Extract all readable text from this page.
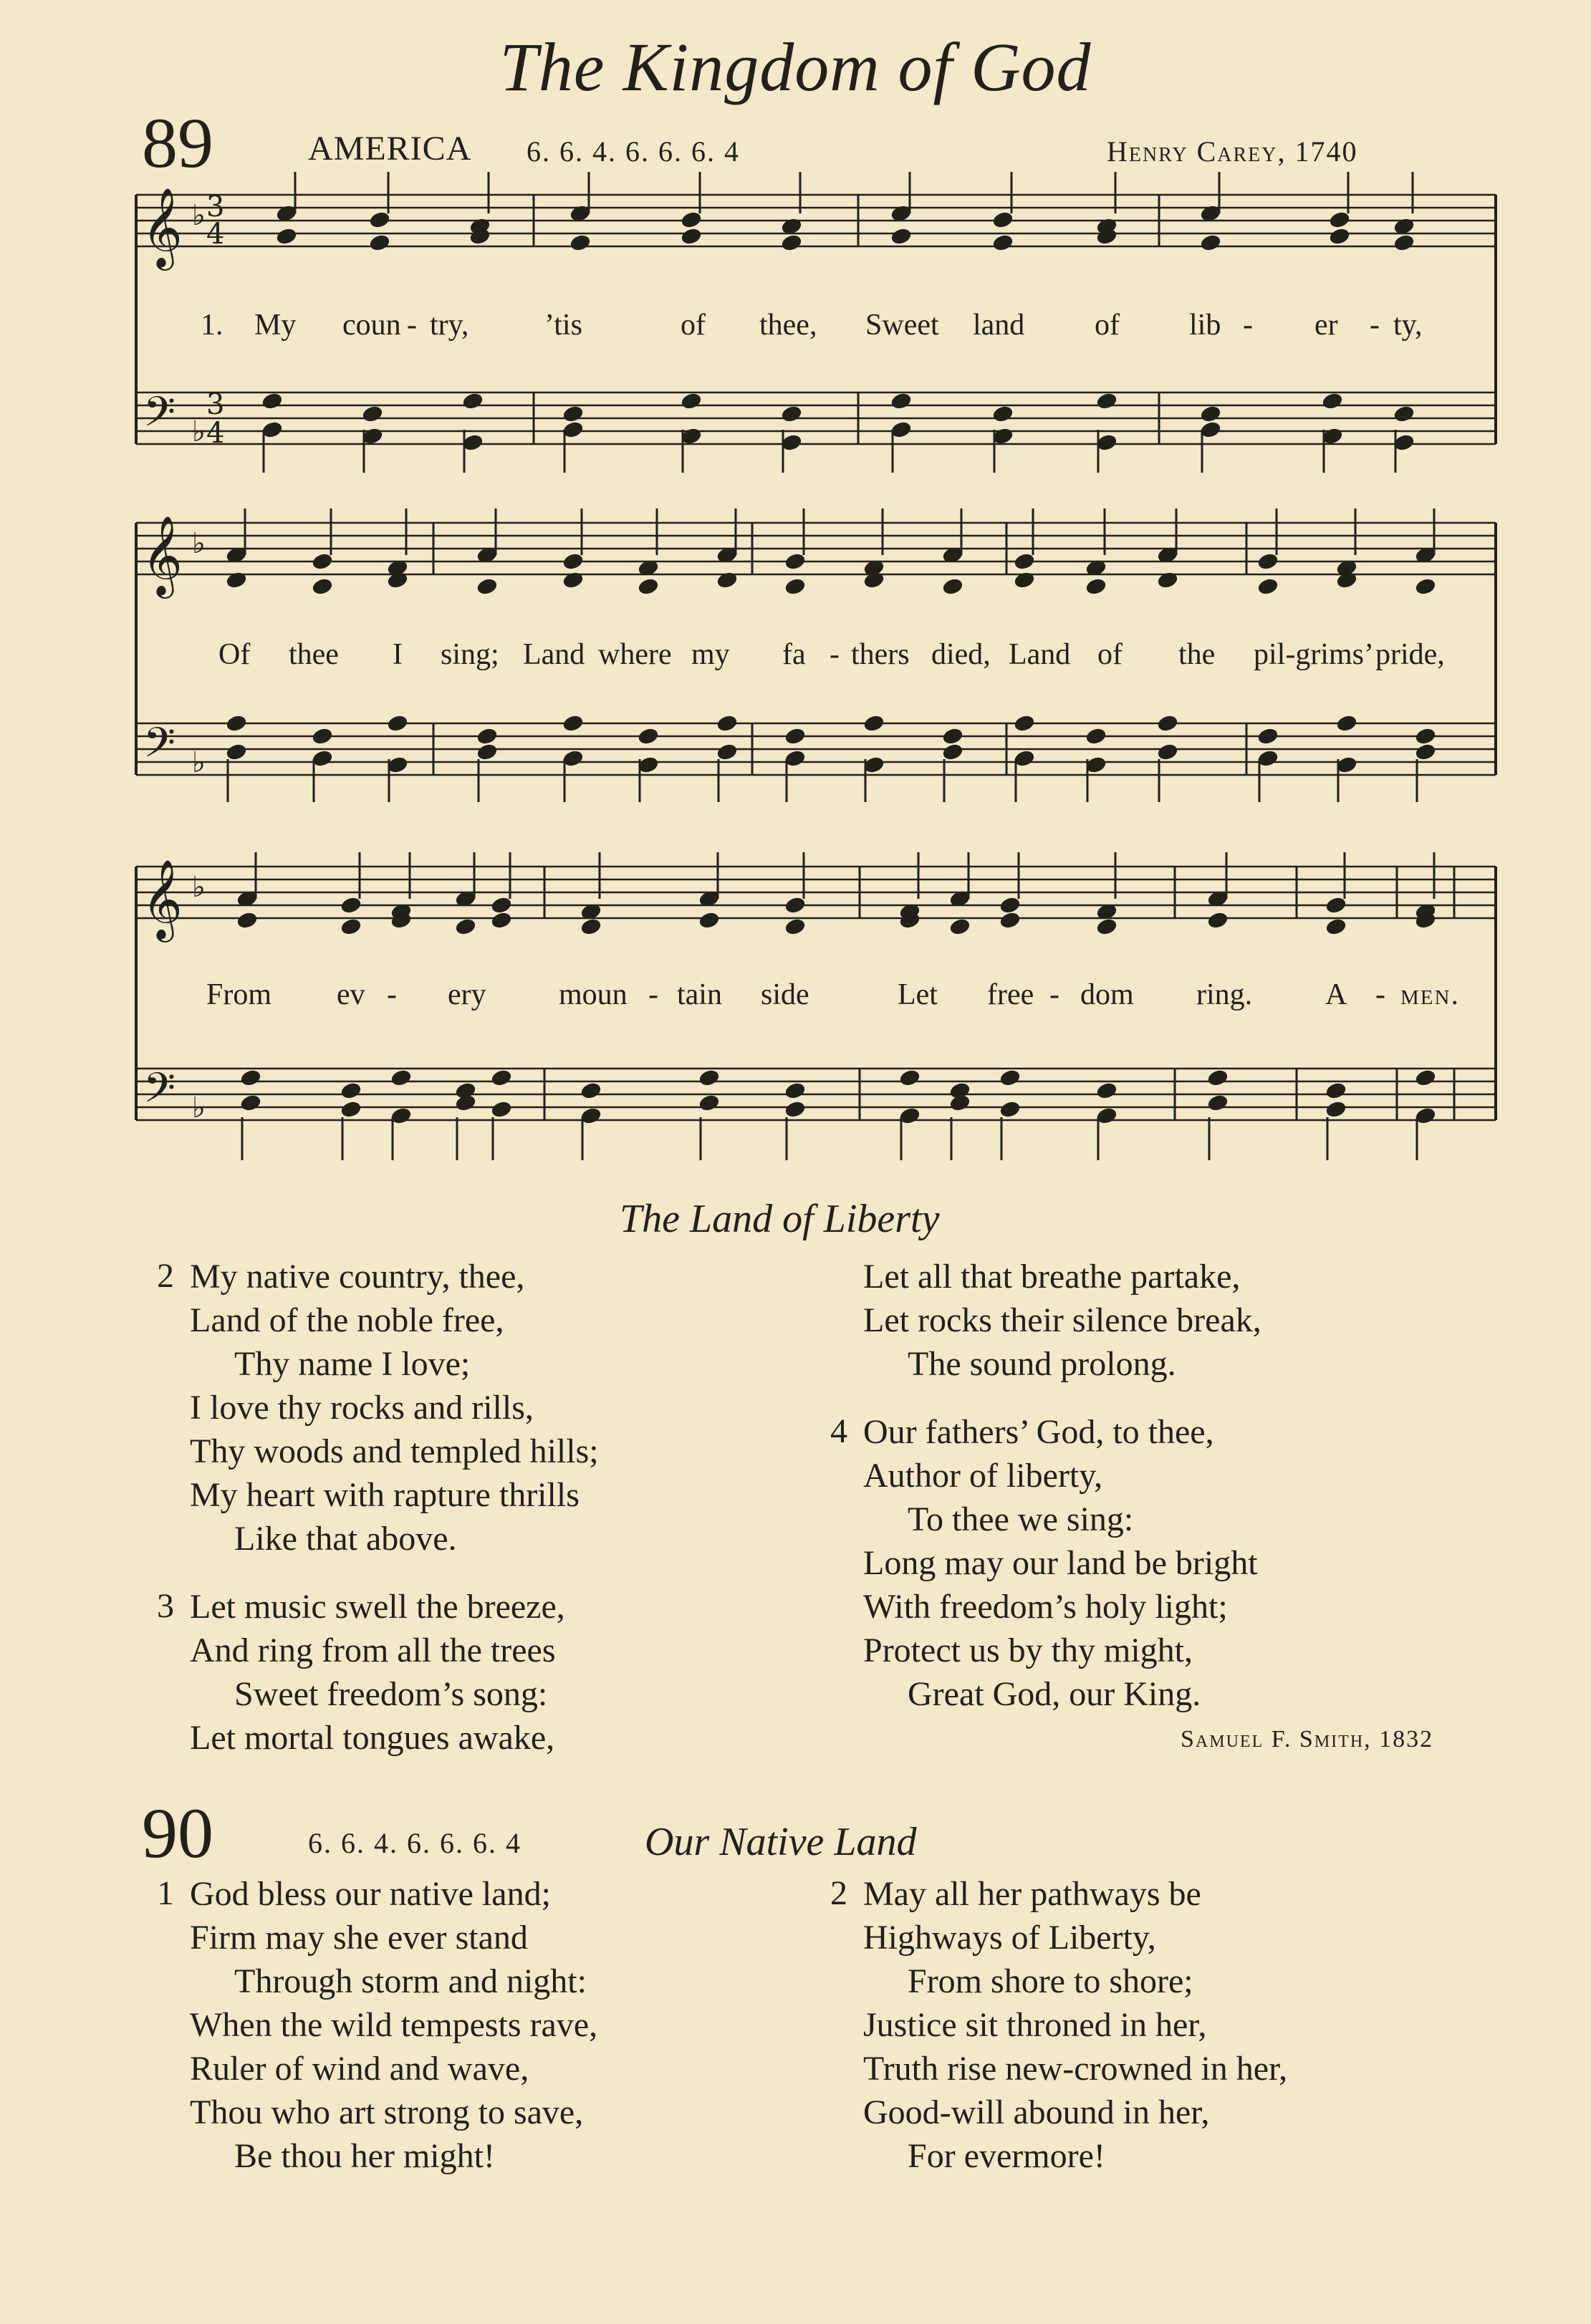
The Kingdom of God
89	AMERICA 6. 6. 4. 6. 6. 6. 4	Henry Carey, 1740
𝄞 ♭
𝄞 ♭
𝄞 ♭
𝄢 ♭
𝄢 ♭
𝄢 ♭
3
4
3
4
1. My coun - try,	’tis	of thee, Sweet land of lib - er - ty,
Of thee I sing; Land where my fa - thers died, Land of the pil-grims’ pride,
From ev - ery moun - tain side	Let free - dom ring. A - men.
The Land of Liberty
2 My native country, thee,
Land of the noble free,
Thy name I love;
I love thy rocks and rills,
Thy woods and templed hills;
My heart with rapture thrills
Like that above.
3 Let music swell the breeze,
And ring from all the trees
Sweet freedom’s song:
Let mortal tongues awake,
Let all that breathe partake,
Let rocks their silence break,
The sound prolong.
4 Our fathers’ God, to thee,
Author of liberty,
To thee we sing:
Long may our land be bright
With freedom’s holy light;
Protect us by thy might,
Great God, our King.
Samuel F. Smith, 1832
90	6. 6. 4. 6. 6. 6. 4	Our Native Land
1 God bless our native land;
Firm may she ever stand
Through storm and night:
When the wild tempests rave,
Ruler of wind and wave,
Thou who art strong to save,
Be thou her might!
2 May all her pathways be
Highways of Liberty,
From shore to shore;
Justice sit throned in her,
Truth rise new-crowned in her,
Good-will abound in her,
For evermore!
